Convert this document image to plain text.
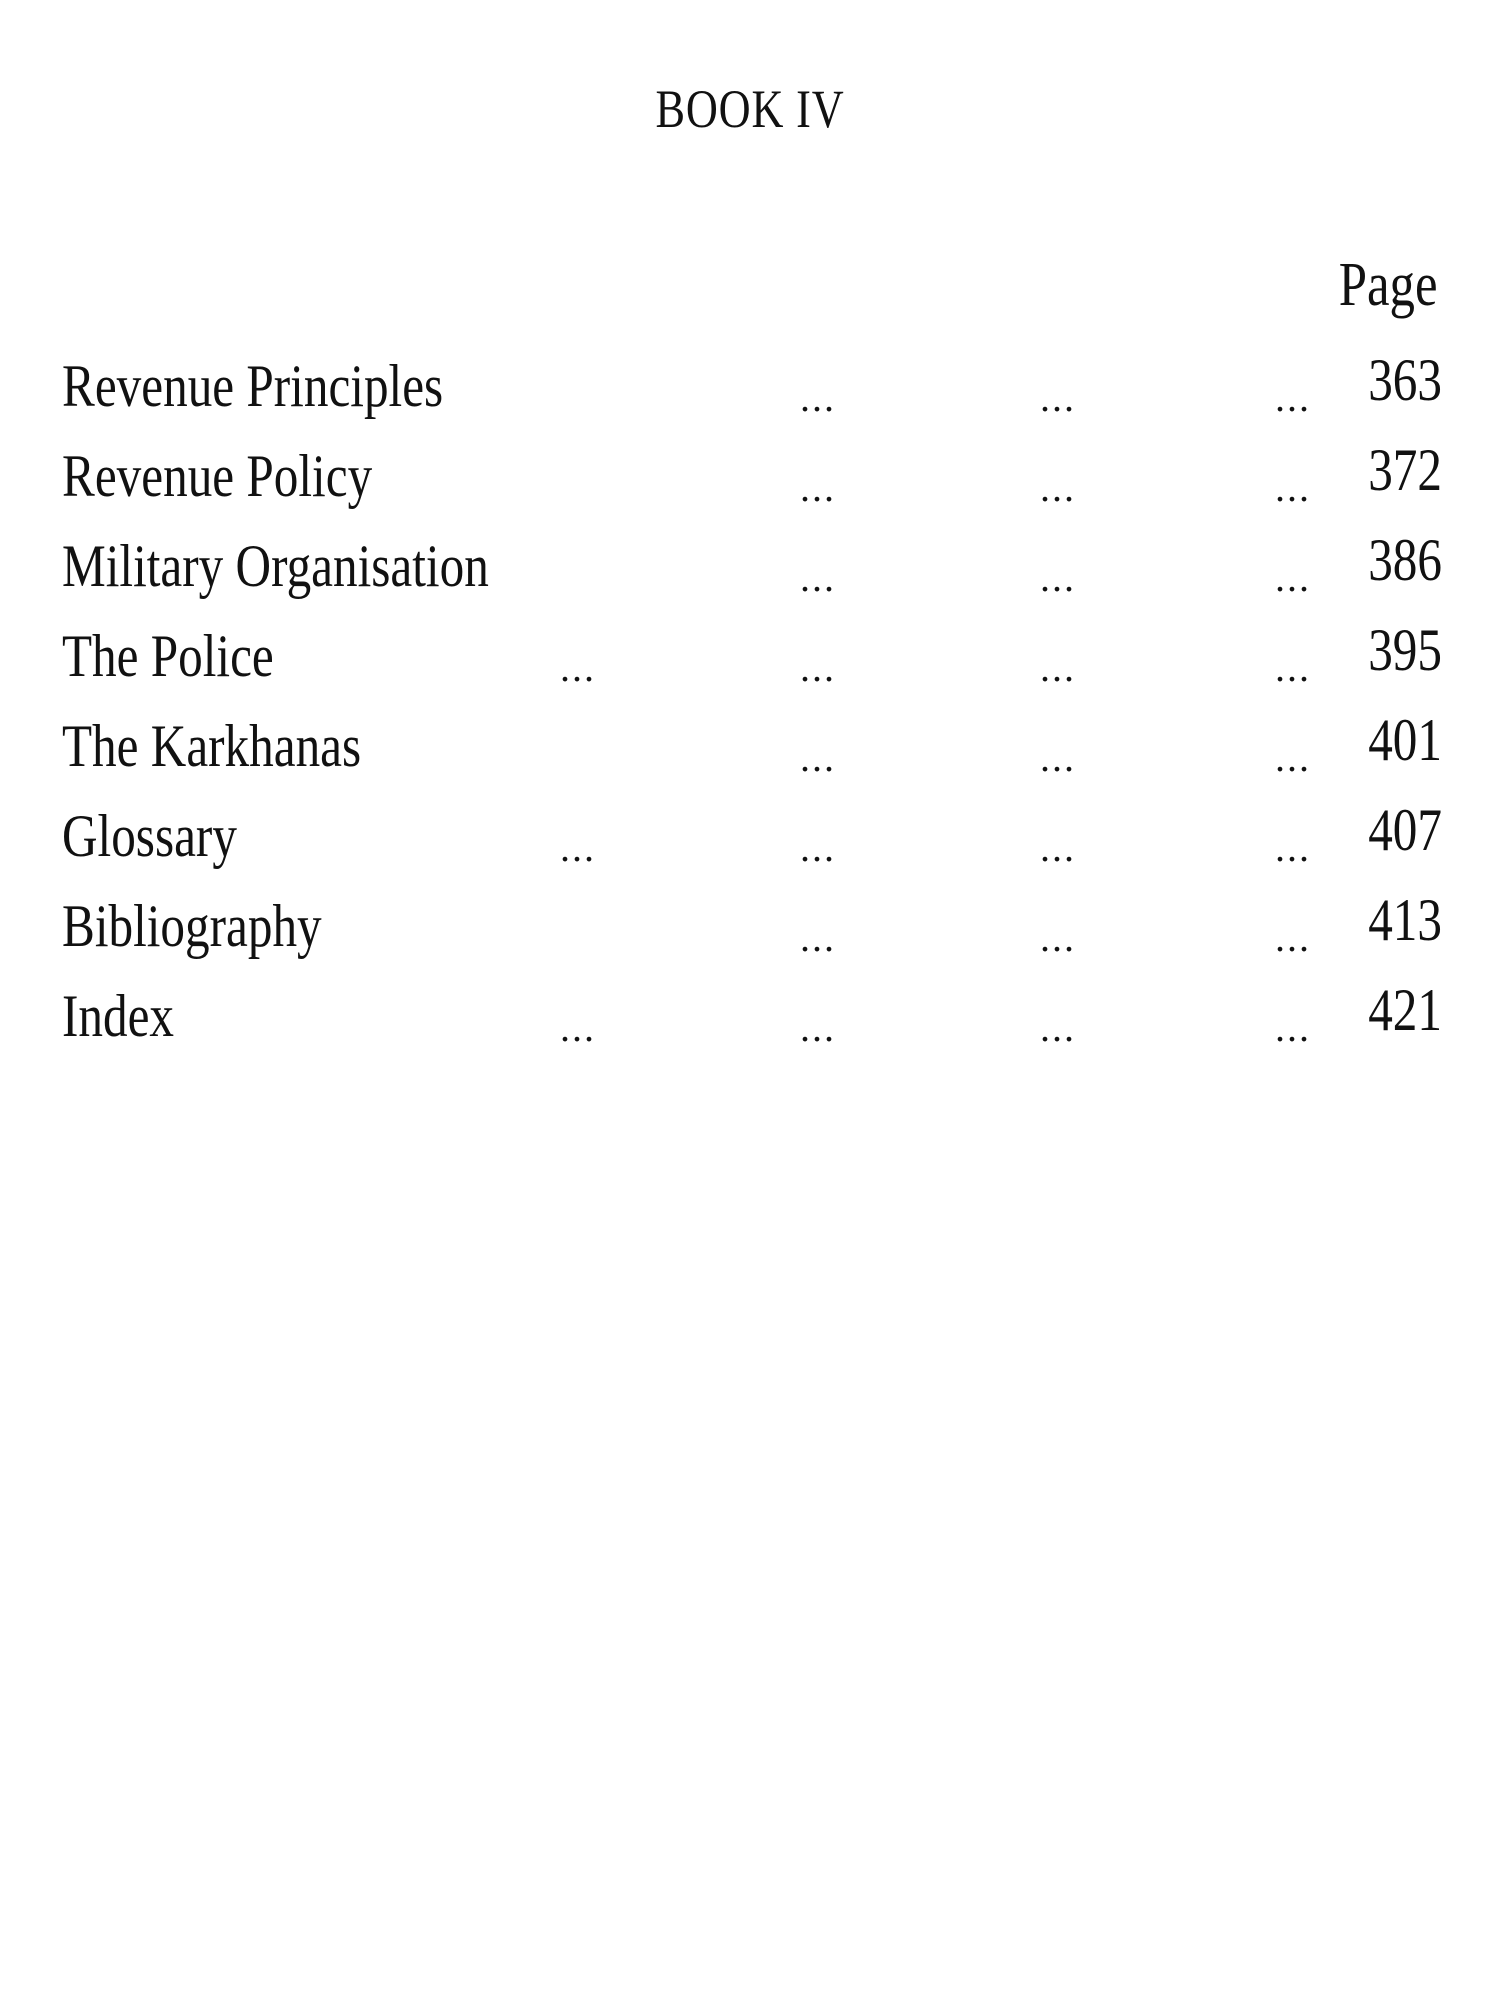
BOOK IV
Page
Revenue Principles	...	...	... 363
Revenue Policy	...	...	... 372
Military Organisation	...	...	... 386
The Police	...	...	...	... 395
The Karkhanas	...	...	... 401
Glossary	...	...	...	... 407
Bibliography	...	...	... 413
Index	...	...	...	... 421
